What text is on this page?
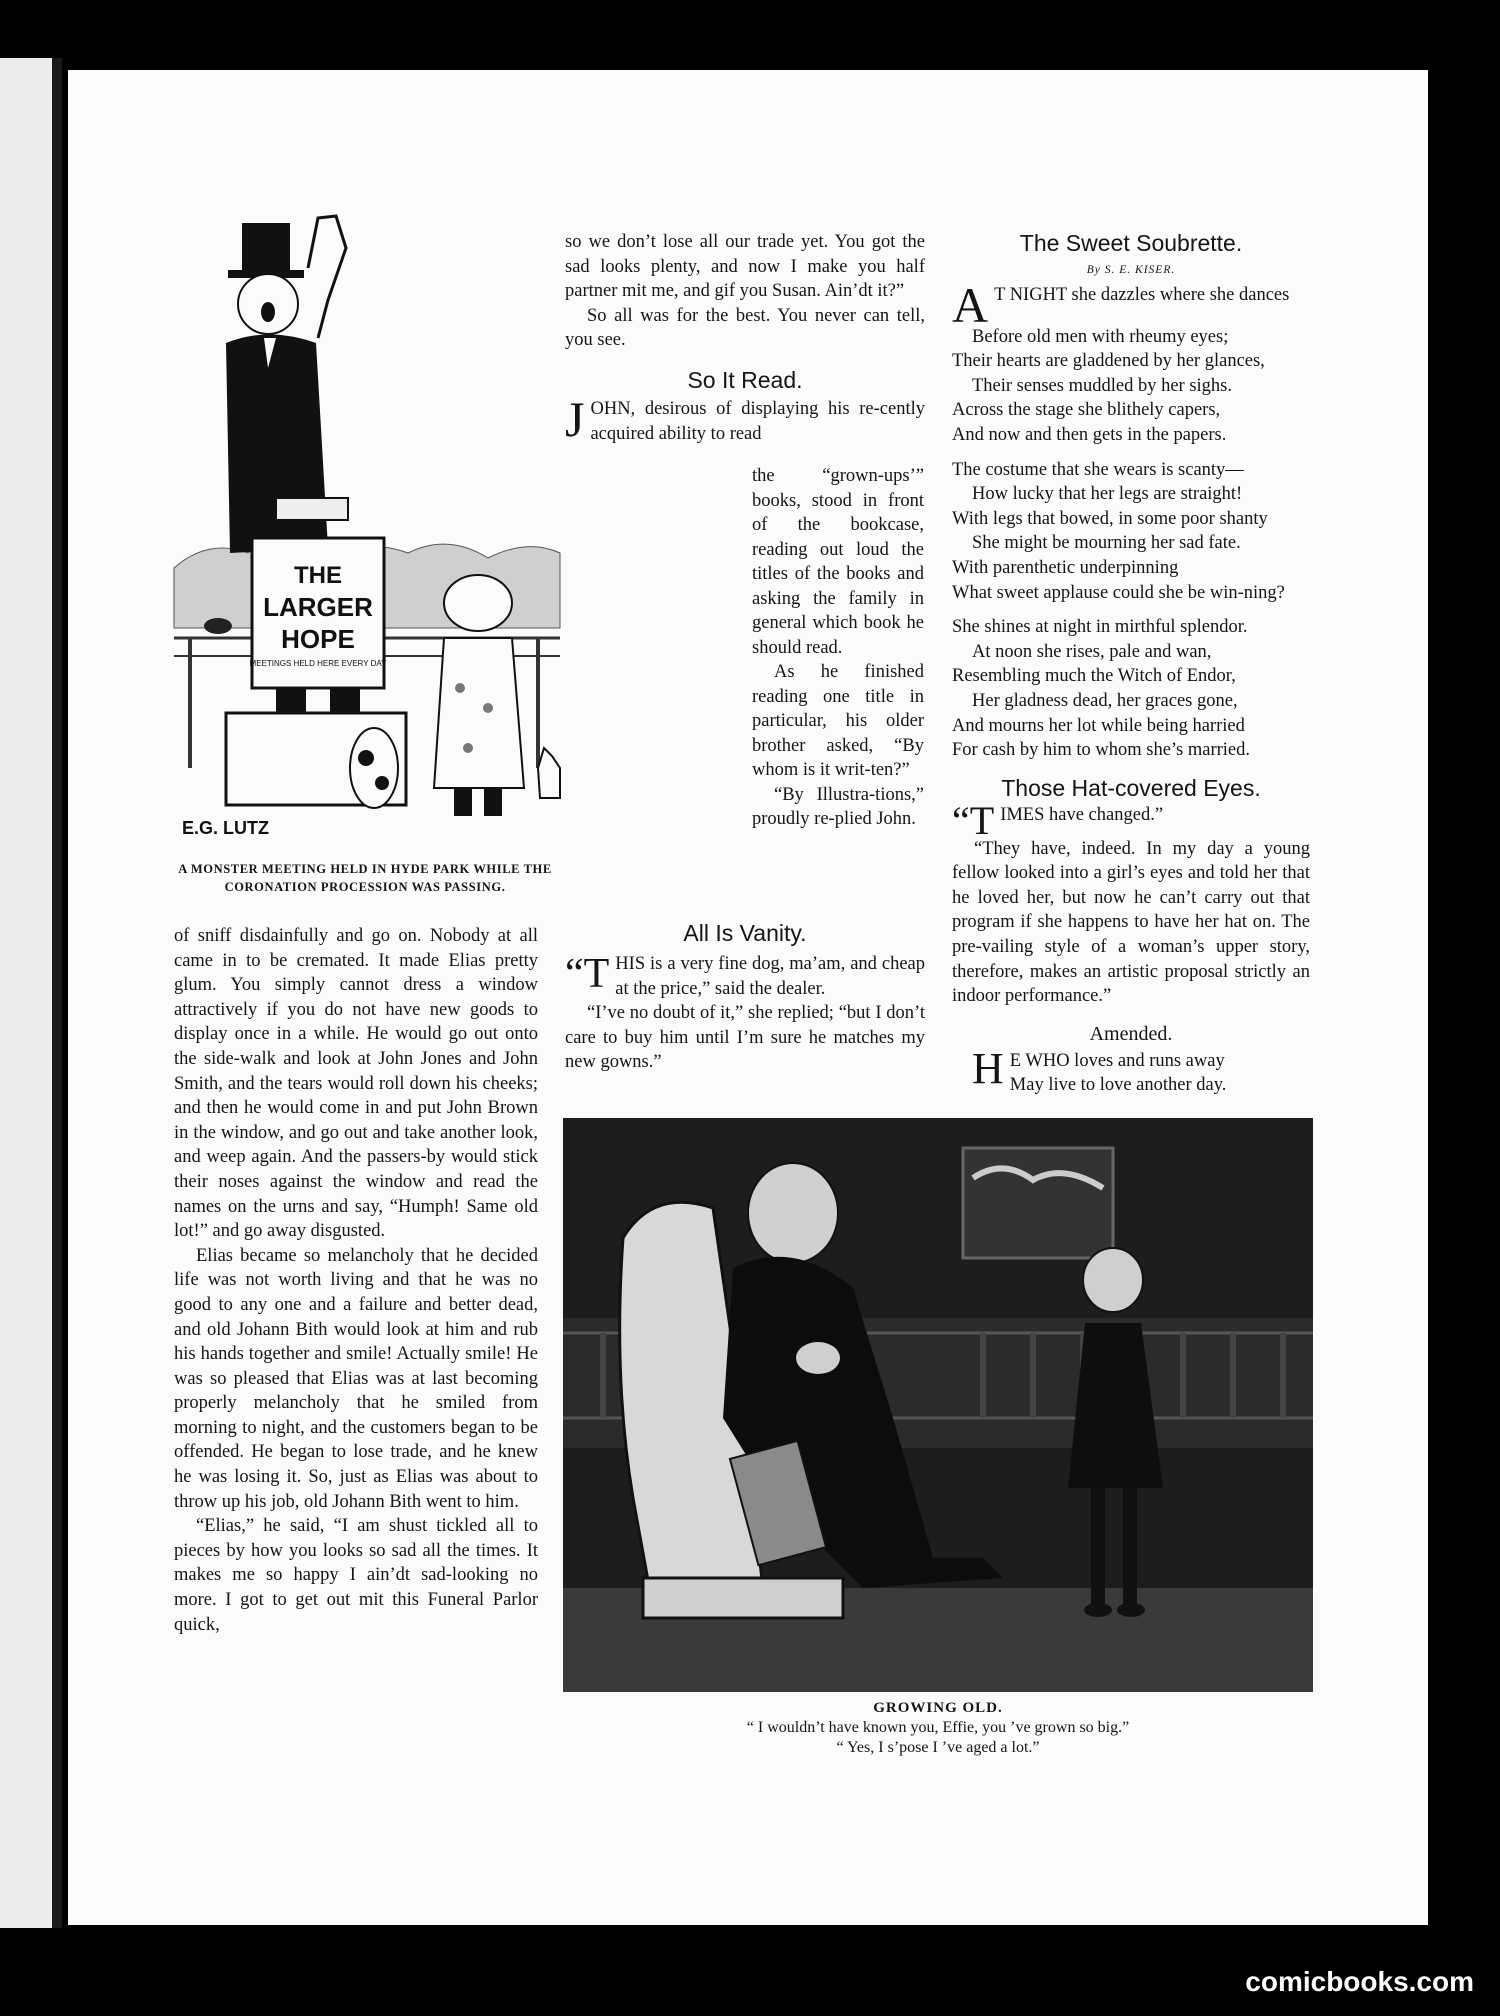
THE
LARGER
HOPE
MEETINGS HELD HERE EVERY DAY
E.G. LUTZ
A MONSTER MEETING HELD IN HYDE PARK WHILE THE CORONATION PROCESSION WAS PASSING.

of sniff disdainfully and go on. Nobody at all came in to be cremated. It made Elias pretty glum. You simply cannot dress a window attractively if you do not have new goods to display once in a while. He would go out onto the side-walk and look at John Jones and John Smith, and the tears would roll down his cheeks; and then he would come in and put John Brown in the window, and go out and take another look, and weep again. And the passers-by would stick their noses against the window and read the names on the urns and say, “Humph! Same old lot!” and go away disgusted.

Elias became so melancholy that he decided life was not worth living and that he was no good to any one and a failure and better dead, and old Johann Bith would look at him and rub his hands together and smile! Actually smile! He was so pleased that Elias was at last becoming properly melancholy that he smiled from morning to night, and the customers began to be offended. He began to lose trade, and he knew he was losing it. So, just as Elias was about to throw up his job, old Johann Bith went to him.

“Elias,” he said, “I am shust tickled all to pieces by how you looks so sad all the times. It makes me so happy I ain’dt sad-looking no more. I got to get out mit this Funeral Parlor quick,

so we don’t lose all our trade yet. You got the sad looks plenty, and now I make you half partner mit me, and gif you Susan. Ain’dt it?”

So all was for the best. You never can tell, you see.

So It Read.

JOHN, desirous of displaying his re-cently acquired ability to read

the “grown-ups’” books, stood in front of the bookcase, reading out loud the titles of the books and asking the family in general which book he should read.

As he finished reading one title in particular, his older brother asked, “By whom is it writ-ten?”

“By Illustra-tions,” proudly re-plied John.

All Is Vanity.

“THIS is a very fine dog, ma’am, and cheap at the price,” said the dealer.

“I’ve no doubt of it,” she replied; “but I don’t care to buy him until I’m sure he matches my new gowns.”

The Sweet Soubrette.

By S. E. KISER.

A T NIGHT she dazzles where she dances

Before old men with rheumy eyes;

Their hearts are gladdened by her glances,

Their senses muddled by her sighs.

Across the stage she blithely capers,

And now and then gets in the papers.

The costume that she wears is scanty—

How lucky that her legs are straight!

With legs that bowed, in some poor shanty

She might be mourning her sad fate.

With parenthetic underpinning

What sweet applause could she be win-ning?

She shines at night in mirthful splendor.

At noon she rises, pale and wan,

Resembling much the Witch of Endor,

Her gladness dead, her graces gone,

And mourns her lot while being harried

For cash by him to whom she’s married.

Those Hat-covered Eyes.

“TIMES have changed.”

“They have, indeed. In my day a young fellow looked into a girl’s eyes and told her that he loved her, but now he can’t carry out that program if she happens to have her hat on. The pre-vailing style of a woman’s upper story, therefore, makes an artistic proposal strictly an indoor performance.”

Amended.

H E WHO loves and runs away
May live to love another day.

GROWING OLD.
“ I wouldn’t have known you, Effie, you ’ve grown so big.”
“ Yes, I s’pose I ’ve aged a lot.”
comicbooks.com
